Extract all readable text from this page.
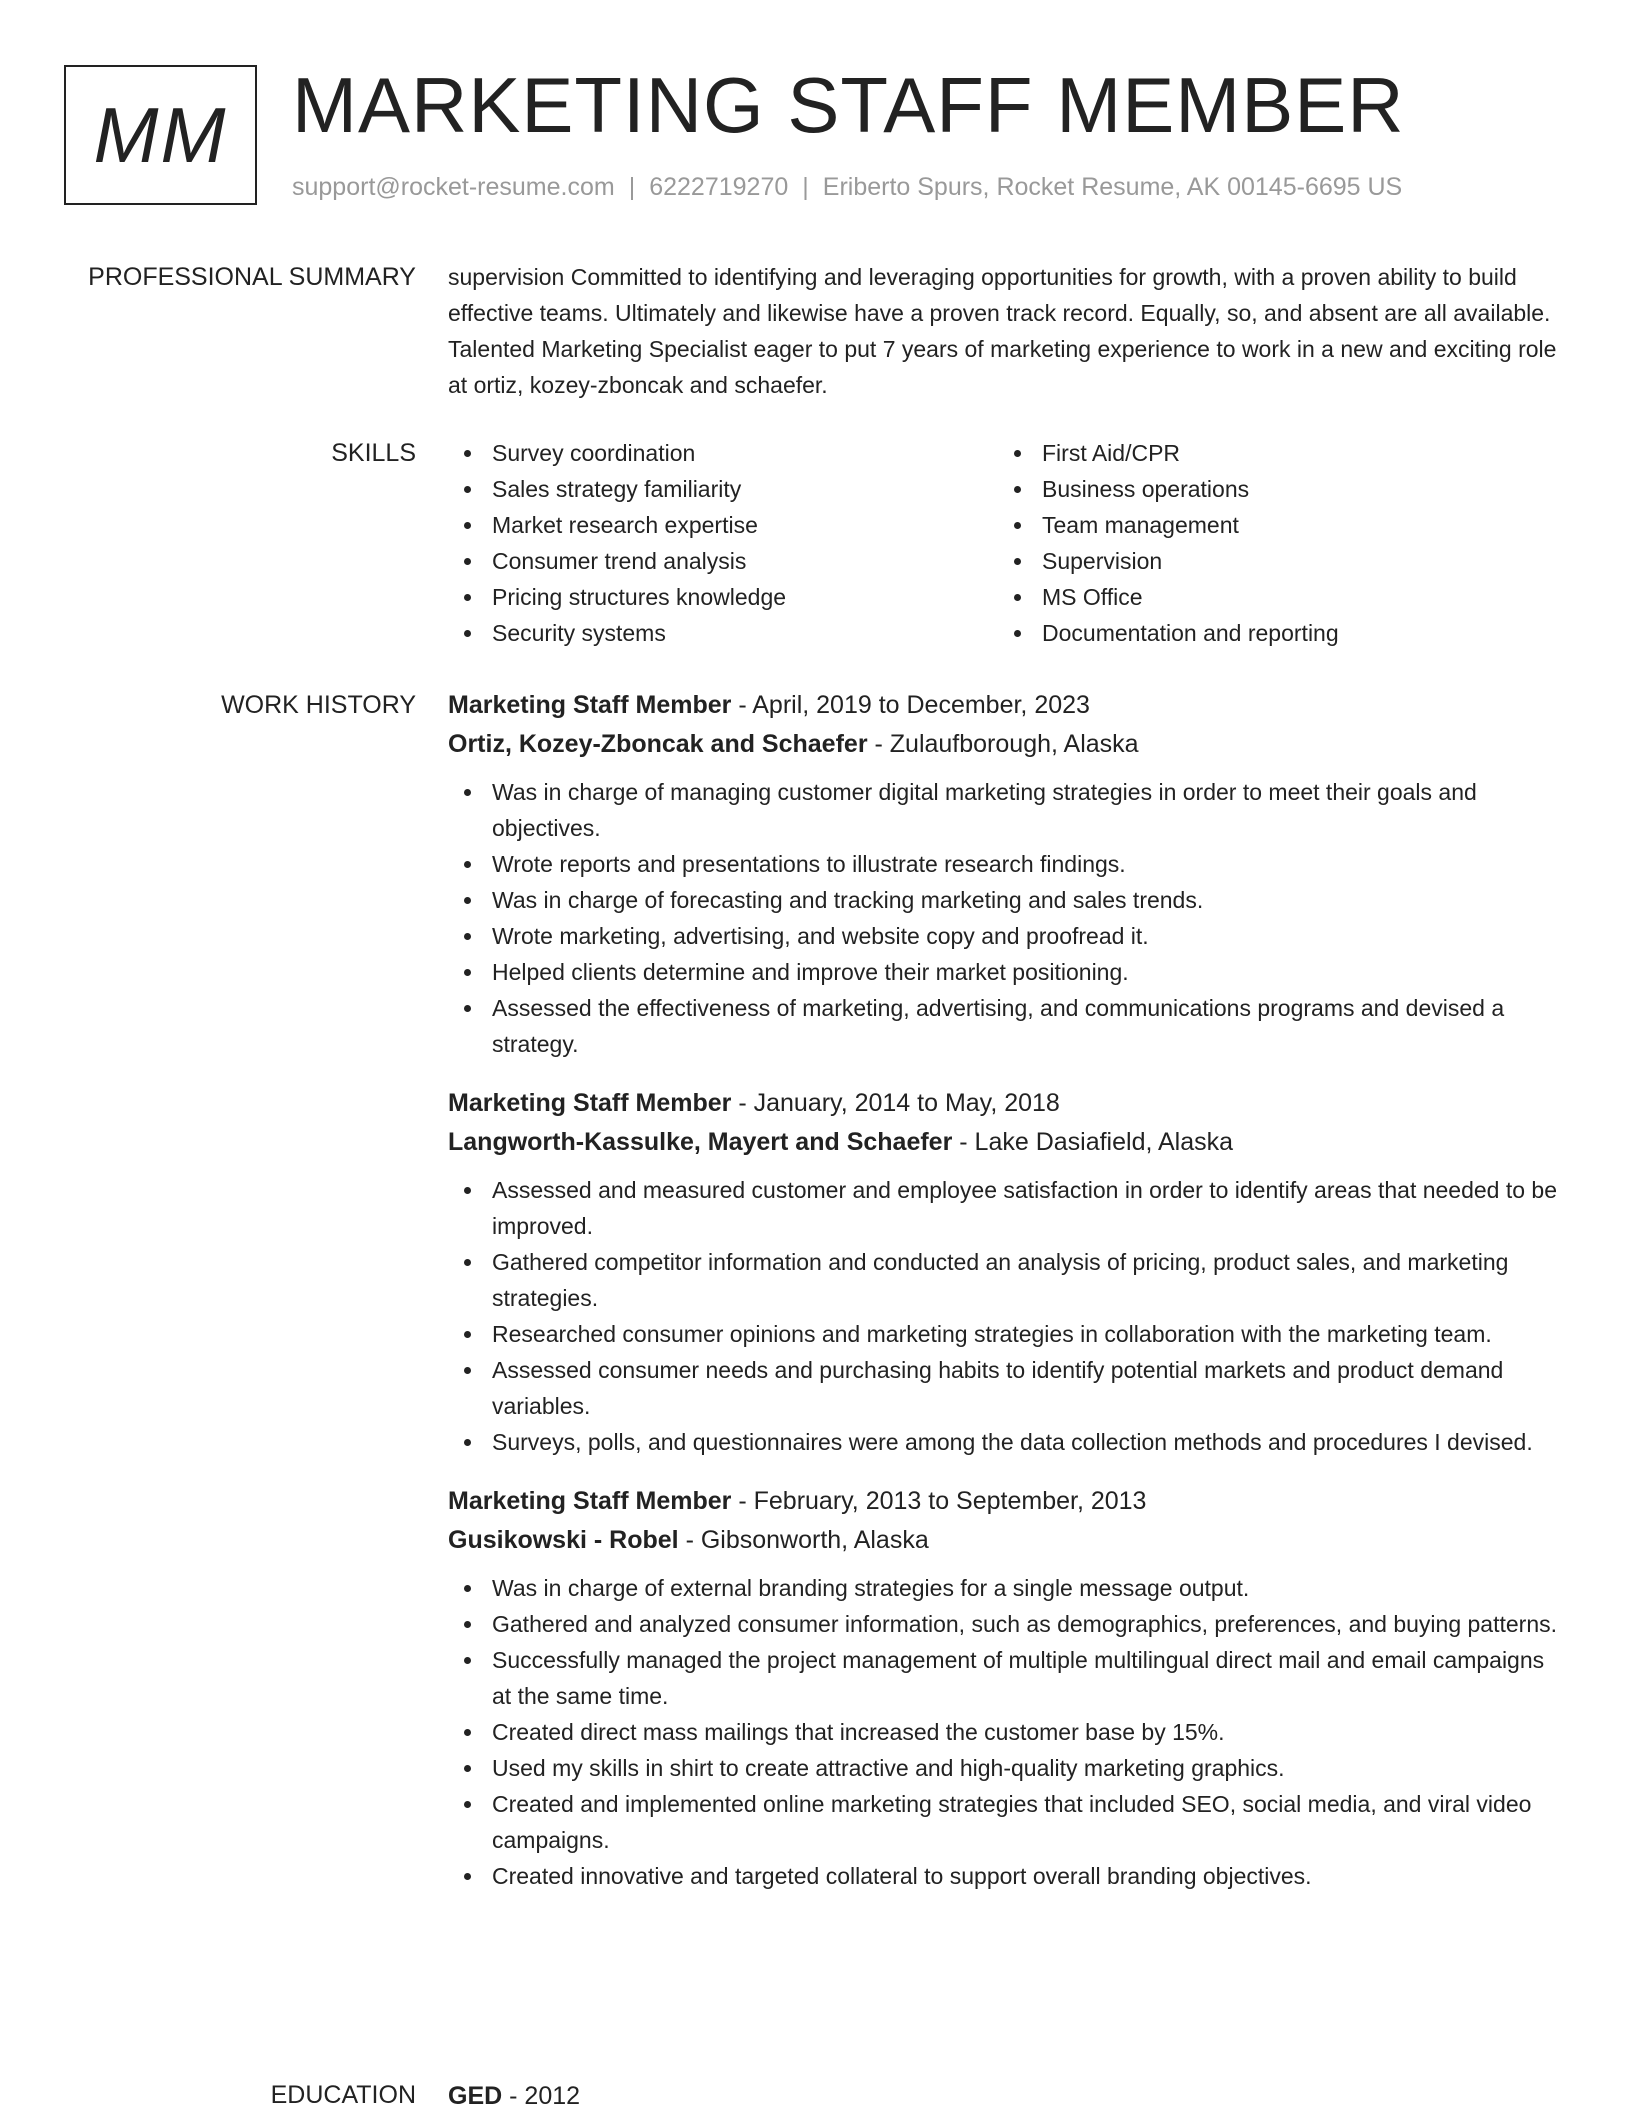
MM MARKETING STAFF MEMBER
support@rocket-resume.com | 6222719270 | Eriberto Spurs, Rocket Resume, AK 00145-6695 US
PROFESSIONAL SUMMARY supervision Committed to identifying and leveraging opportunities for growth, with a proven ability to build effective teams. Ultimately and likewise have a proven track record. Equally, so, and absent are all available. Talented Marketing Specialist eager to put 7 years of marketing experience to work in a new and exciting role at ortiz, kozey-zboncak and schaefer.
SKILLS	Survey coordination
Sales strategy familiarity
Market research expertise
Consumer trend analysis
Pricing structures knowledge
Security systems
First Aid/CPR
Business operations
Team management
Supervision
MS Office
Documentation and reporting
WORK HISTORY Marketing Staff Member - April, 2019 to December, 2023
Ortiz, Kozey-Zboncak and Schaefer - Zulaufborough, Alaska
Was in charge of managing customer digital marketing strategies in order to meet their goals and objectives.
Wrote reports and presentations to illustrate research findings.
Was in charge of forecasting and tracking marketing and sales trends.
Wrote marketing, advertising, and website copy and proofread it.
Helped clients determine and improve their market positioning.
Assessed the effectiveness of marketing, advertising, and communications programs and devised a strategy.
Marketing Staff Member - January, 2014 to May, 2018
Langworth-Kassulke, Mayert and Schaefer - Lake Dasiafield, Alaska
Assessed and measured customer and employee satisfaction in order to identify areas that needed to be improved.
Gathered competitor information and conducted an analysis of pricing, product sales, and marketing strategies.
Researched consumer opinions and marketing strategies in collaboration with the marketing team.
Assessed consumer needs and purchasing habits to identify potential markets and product demand variables.
Surveys, polls, and questionnaires were among the data collection methods and procedures I devised.
Marketing Staff Member - February, 2013 to September, 2013
Gusikowski - Robel - Gibsonworth, Alaska
Was in charge of external branding strategies for a single message output.
Gathered and analyzed consumer information, such as demographics, preferences, and buying patterns.
Successfully managed the project management of multiple multilingual direct mail and email campaigns at the same time.
Created direct mass mailings that increased the customer base by 15%.
Used my skills in shirt to create attractive and high-quality marketing graphics.
Created and implemented online marketing strategies that included SEO, social media, and viral video campaigns.
Created innovative and targeted collateral to support overall branding objectives.
EDUCATION GED - 2012
